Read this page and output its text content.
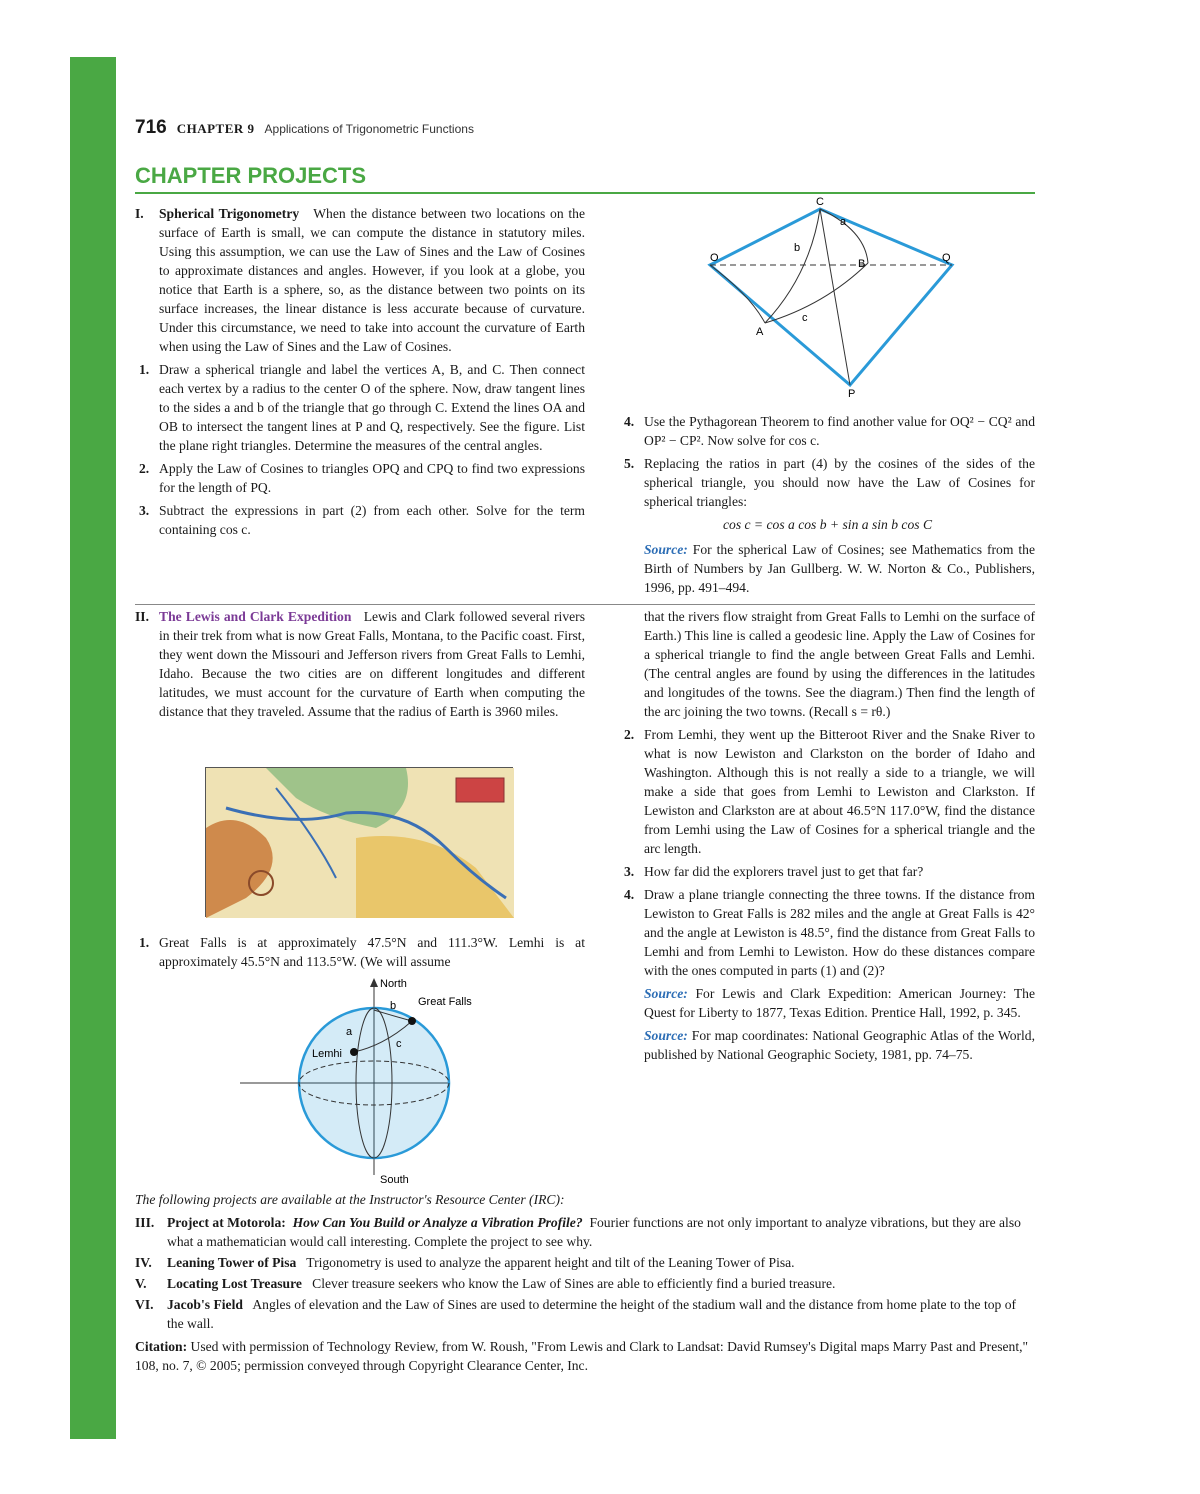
716 CHAPTER 9 Applications of Trigonometric Functions
CHAPTER PROJECTS
I. Spherical Trigonometry When the distance between two locations on the surface of Earth is small, we can compute the distance in statutory miles. Using this assumption, we can use the Law of Sines and the Law of Cosines to approximate distances and angles. However, if you look at a globe, you notice that Earth is a sphere, so, as the distance between two points on its surface increases, the linear distance is less accurate because of curvature. Under this circumstance, we need to take into account the curvature of Earth when using the Law of Sines and the Law of Cosines.
1. Draw a spherical triangle and label the vertices A, B, and C. Then connect each vertex by a radius to the center O of the sphere. Now, draw tangent lines to the sides a and b of the triangle that go through C. Extend the lines OA and OB to intersect the tangent lines at P and Q, respectively. See the figure. List the plane right triangles. Determine the measures of the central angles.
2. Apply the Law of Cosines to triangles OPQ and CPQ to find two expressions for the length of PQ.
3. Subtract the expressions in part (2) from each other. Solve for the term containing cos c.
C
a
b
O	B	Q
c
A
P
4. Use the Pythagorean Theorem to find another value for OQ² − CQ² and OP² − CP². Now solve for cos c.
5. Replacing the ratios in part (4) by the cosines of the sides of the spherical triangle, you should now have the Law of Cosines for spherical triangles:
cos c = cos a cos b + sin a sin b cos C
Source: For the spherical Law of Cosines; see Mathematics from the Birth of Numbers by Jan Gullberg. W. W. Norton & Co., Publishers, 1996, pp. 491–494.
II. The Lewis and Clark Expedition Lewis and Clark followed several rivers in their trek from what is now Great Falls, Montana, to the Pacific coast. First, they went down the Missouri and Jefferson rivers from Great Falls to Lemhi, Idaho. Because the two cities are on different longitudes and different latitudes, we must account for the curvature of Earth when computing the distance that they traveled. Assume that the radius of Earth is 3960 miles.
1. Great Falls is at approximately 47.5°N and 111.3°W. Lemhi is at approximately 45.5°N and 113.5°W. (We will assume
North
South
Great Falls
Lemhi
a
b
c
that the rivers flow straight from Great Falls to Lemhi on the surface of Earth.) This line is called a geodesic line. Apply the Law of Cosines for a spherical triangle to find the angle between Great Falls and Lemhi. (The central angles are found by using the differences in the latitudes and longitudes of the towns. See the diagram.) Then find the length of the arc joining the two towns. (Recall s = rθ.)
2. From Lemhi, they went up the Bitteroot River and the Snake River to what is now Lewiston and Clarkston on the border of Idaho and Washington. Although this is not really a side to a triangle, we will make a side that goes from Lemhi to Lewiston and Clarkston. If Lewiston and Clarkston are at about 46.5°N 117.0°W, find the distance from Lemhi using the Law of Cosines for a spherical triangle and the arc length.
3. How far did the explorers travel just to get that far?
4. Draw a plane triangle connecting the three towns. If the distance from Lewiston to Great Falls is 282 miles and the angle at Great Falls is 42° and the angle at Lewiston is 48.5°, find the distance from Great Falls to Lemhi and from Lemhi to Lewiston. How do these distances compare with the ones computed in parts (1) and (2)?
Source: For Lewis and Clark Expedition: American Journey: The Quest for Liberty to 1877, Texas Edition. Prentice Hall, 1992, p. 345.
Source: For map coordinates: National Geographic Atlas of the World, published by National Geographic Society, 1981, pp. 74–75.
The following projects are available at the Instructor's Resource Center (IRC):
III. Project at Motorola: How Can You Build or Analyze a Vibration Profile? Fourier functions are not only important to analyze vibrations, but they are also what a mathematician would call interesting. Complete the project to see why.
IV. Leaning Tower of Pisa Trigonometry is used to analyze the apparent height and tilt of the Leaning Tower of Pisa.
V. Locating Lost Treasure Clever treasure seekers who know the Law of Sines are able to efficiently find a buried treasure.
VI. Jacob's Field Angles of elevation and the Law of Sines are used to determine the height of the stadium wall and the distance from home plate to the top of the wall.
Citation: Used with permission of Technology Review, from W. Roush, "From Lewis and Clark to Landsat: David Rumsey's Digital maps Marry Past and Present," 108, no. 7, © 2005; permission conveyed through Copyright Clearance Center, Inc.
